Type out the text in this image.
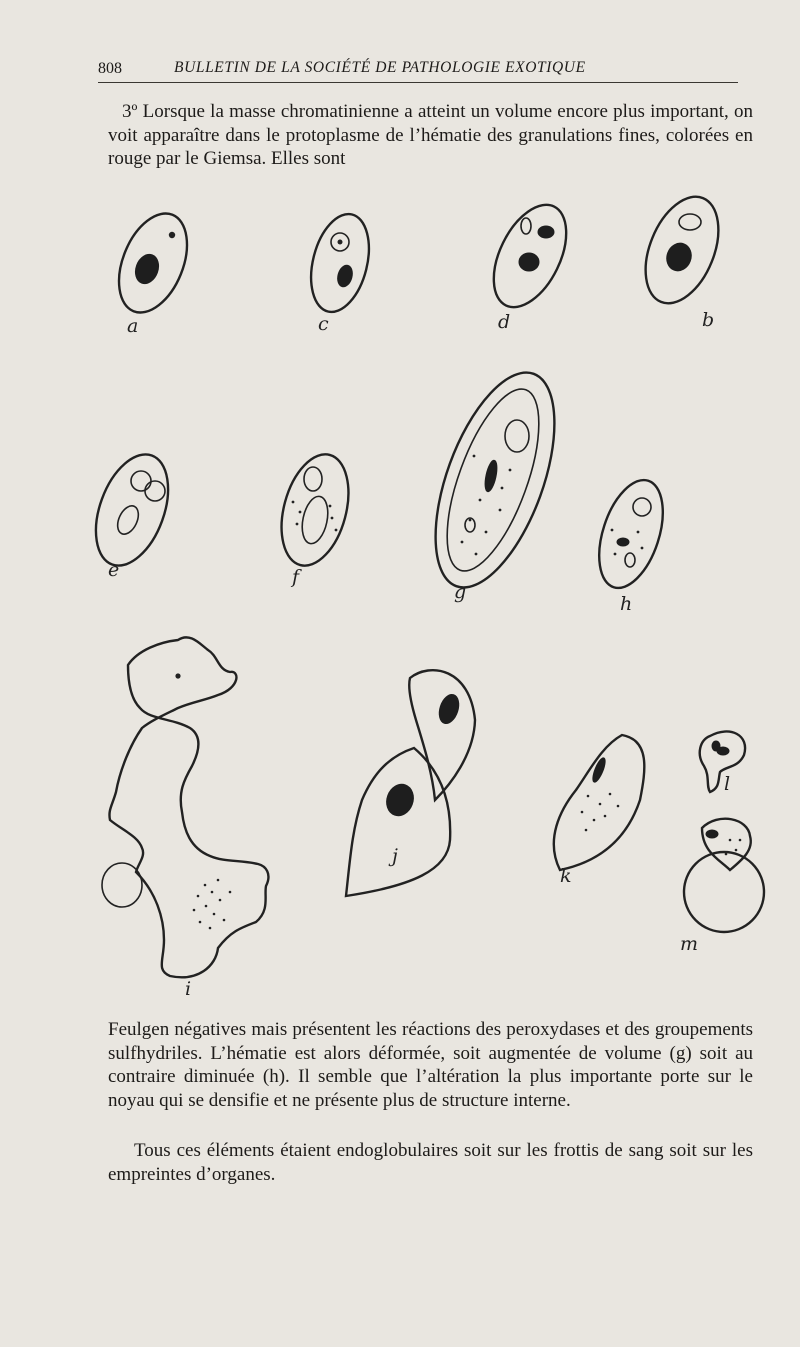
808	BULLETIN DE LA SOCIÉTÉ DE PATHOLOGIE EXOTIQUE

3º Lorsque la masse chromatinienne a atteint un volume encore plus important, on voit apparaître dans le protoplasme de l’hématie des granulations fines, colorées en rouge par le Giemsa. Elles sont

a	c	d	b
e	f
g
h
i
j
k
l
m

Feulgen négatives mais présentent les réactions des peroxydases et des groupements sulfhydriles. L’hématie est alors déformée, soit augmentée de volume (g) soit au contraire diminuée (h). Il semble que l’altération la plus importante porte sur le noyau qui se densifie et ne présente plus de structure interne.

Tous ces éléments étaient endoglobulaires soit sur les frottis de sang soit sur les empreintes d’organes.
